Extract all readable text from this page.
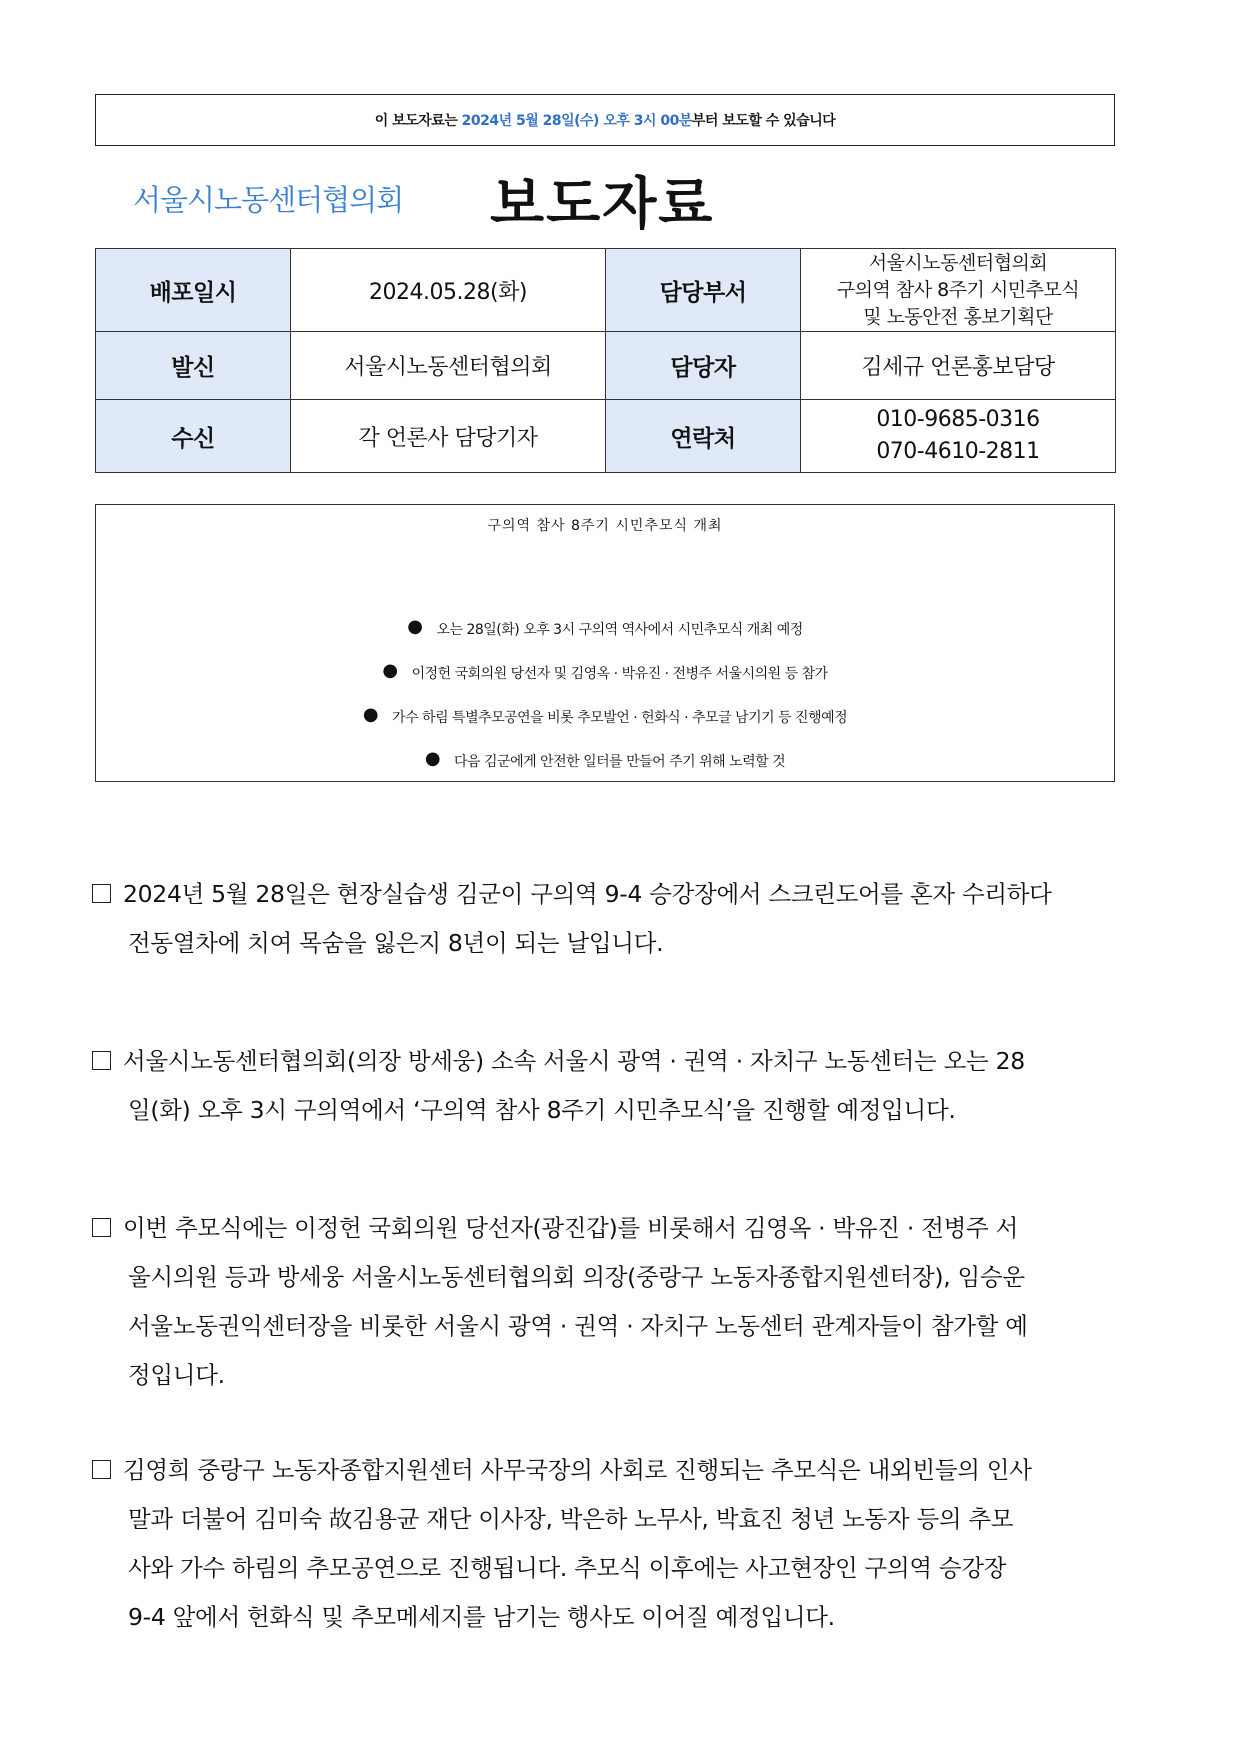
이 보도자료는 2024년 5월 28일(수) 오후 3시 00분 부터 보도할 수 있습니다
서울시노동센터협의회 보도자료
배포일시	2024.05.28(화)	담당부서	서울시노동센터협의회
구의역 참사 8주기 시민추모식
및 노동안전 홍보기획단

발신	서울시노동센터협의회	담당자	김세규 언론홍보담당
수신	각 언론사 담당기자	연락처	010-9685-0316
070-4610-2811
구의역 참사 8주기 시민추모식 개최
● 오는 28일(화) 오후 3시 구의역 역사에서 시민추모식 개최 예정
● 이정헌 국회의원 당선자 및 김영옥 · 박유진 · 전병주 서울시의원 등 참가
● 가수 하림 특별추모공연을 비롯 추모발언 · 헌화식 · 추모글 남기기 등 진행예정
● 다음 김군에게 안전한 일터를 만들어 주기 위해 노력할 것
2024년 5월 28일은 현장실습생 김군이 구의역 9-4 승강장에서 스크린도어를 혼자 수리하다
전동열차에 치여 목숨을 잃은지 8년이 되는 날입니다.
서울시노동센터협의회(의장 방세웅) 소속 서울시 광역 · 권역 · 자치구 노동센터는 오는 28
일(화) 오후 3시 구의역에서 ‘구의역 참사 8주기 시민추모식’을 진행할 예정입니다.
이번 추모식에는 이정헌 국회의원 당선자(광진갑)를 비롯해서 김영옥 · 박유진 · 전병주 서
울시의원 등과 방세웅 서울시노동센터협의회 의장(중랑구 노동자종합지원센터장), 임승운
서울노동권익센터장을 비롯한 서울시 광역 · 권역 · 자치구 노동센터 관계자들이 참가할 예
정입니다.
김영희 중랑구 노동자종합지원센터 사무국장의 사회로 진행되는 추모식은 내외빈들의 인사
말과 더불어 김미숙 故김용균 재단 이사장, 박은하 노무사, 박효진 청년 노동자 등의 추모
사와 가수 하림의 추모공연으로 진행됩니다. 추모식 이후에는 사고현장인 구의역 승강장
9-4 앞에서 헌화식 및 추모메세지를 남기는 행사도 이어질 예정입니다.
